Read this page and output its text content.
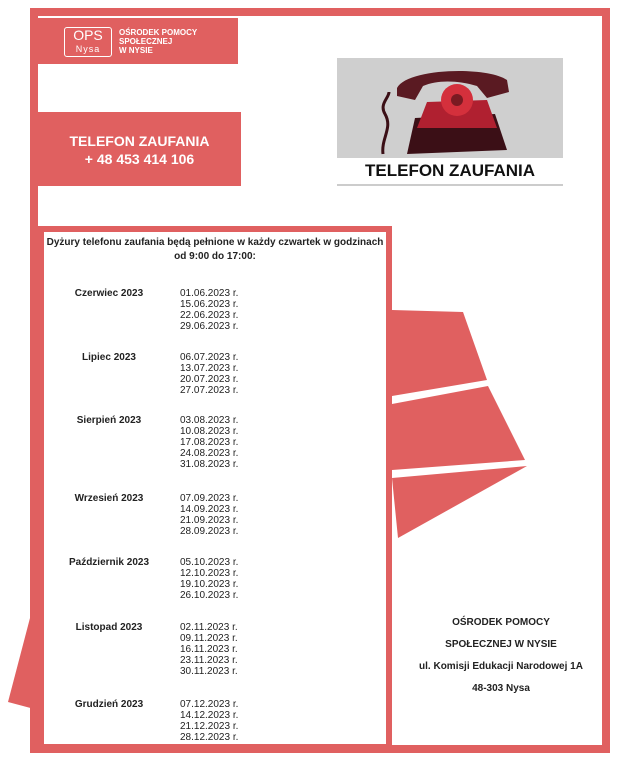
OPS
Nysa
OŚRODEK POMOCY
SPOŁECZNEJ
W NYSIE
TELEFON ZAUFANIA
+ 48 453 414 106
TELEFON ZAUFANIA
Dyżury telefonu zaufania będą pełnione w każdy czwartek w godzinach od 9:00 do 17:00:
Czerwiec 2023	01.06.2023 r.
15.06.2023 r.
22.06.2023 r.
29.06.2023 r.
Lipiec 2023	06.07.2023 r.
13.07.2023 r.
20.07.2023 r.
27.07.2023 r.
Sierpień 2023	03.08.2023 r.
10.08.2023 r.
17.08.2023 r.
24.08.2023 r.
31.08.2023 r.
Wrzesień 2023	07.09.2023 r.
14.09.2023 r.
21.09.2023 r.
28.09.2023 r.
Październik 2023	05.10.2023 r.
12.10.2023 r.
19.10.2023 r.
26.10.2023 r.
Listopad 2023	02.11.2023 r.
09.11.2023 r.
16.11.2023 r.
23.11.2023 r.
30.11.2023 r.
Grudzień 2023	07.12.2023 r.
14.12.2023 r.
21.12.2023 r.
28.12.2023 r.
OŚRODEK POMOCY
SPOŁECZNEJ W NYSIE
ul. Komisji Edukacji Narodowej 1A
48-303 Nysa
